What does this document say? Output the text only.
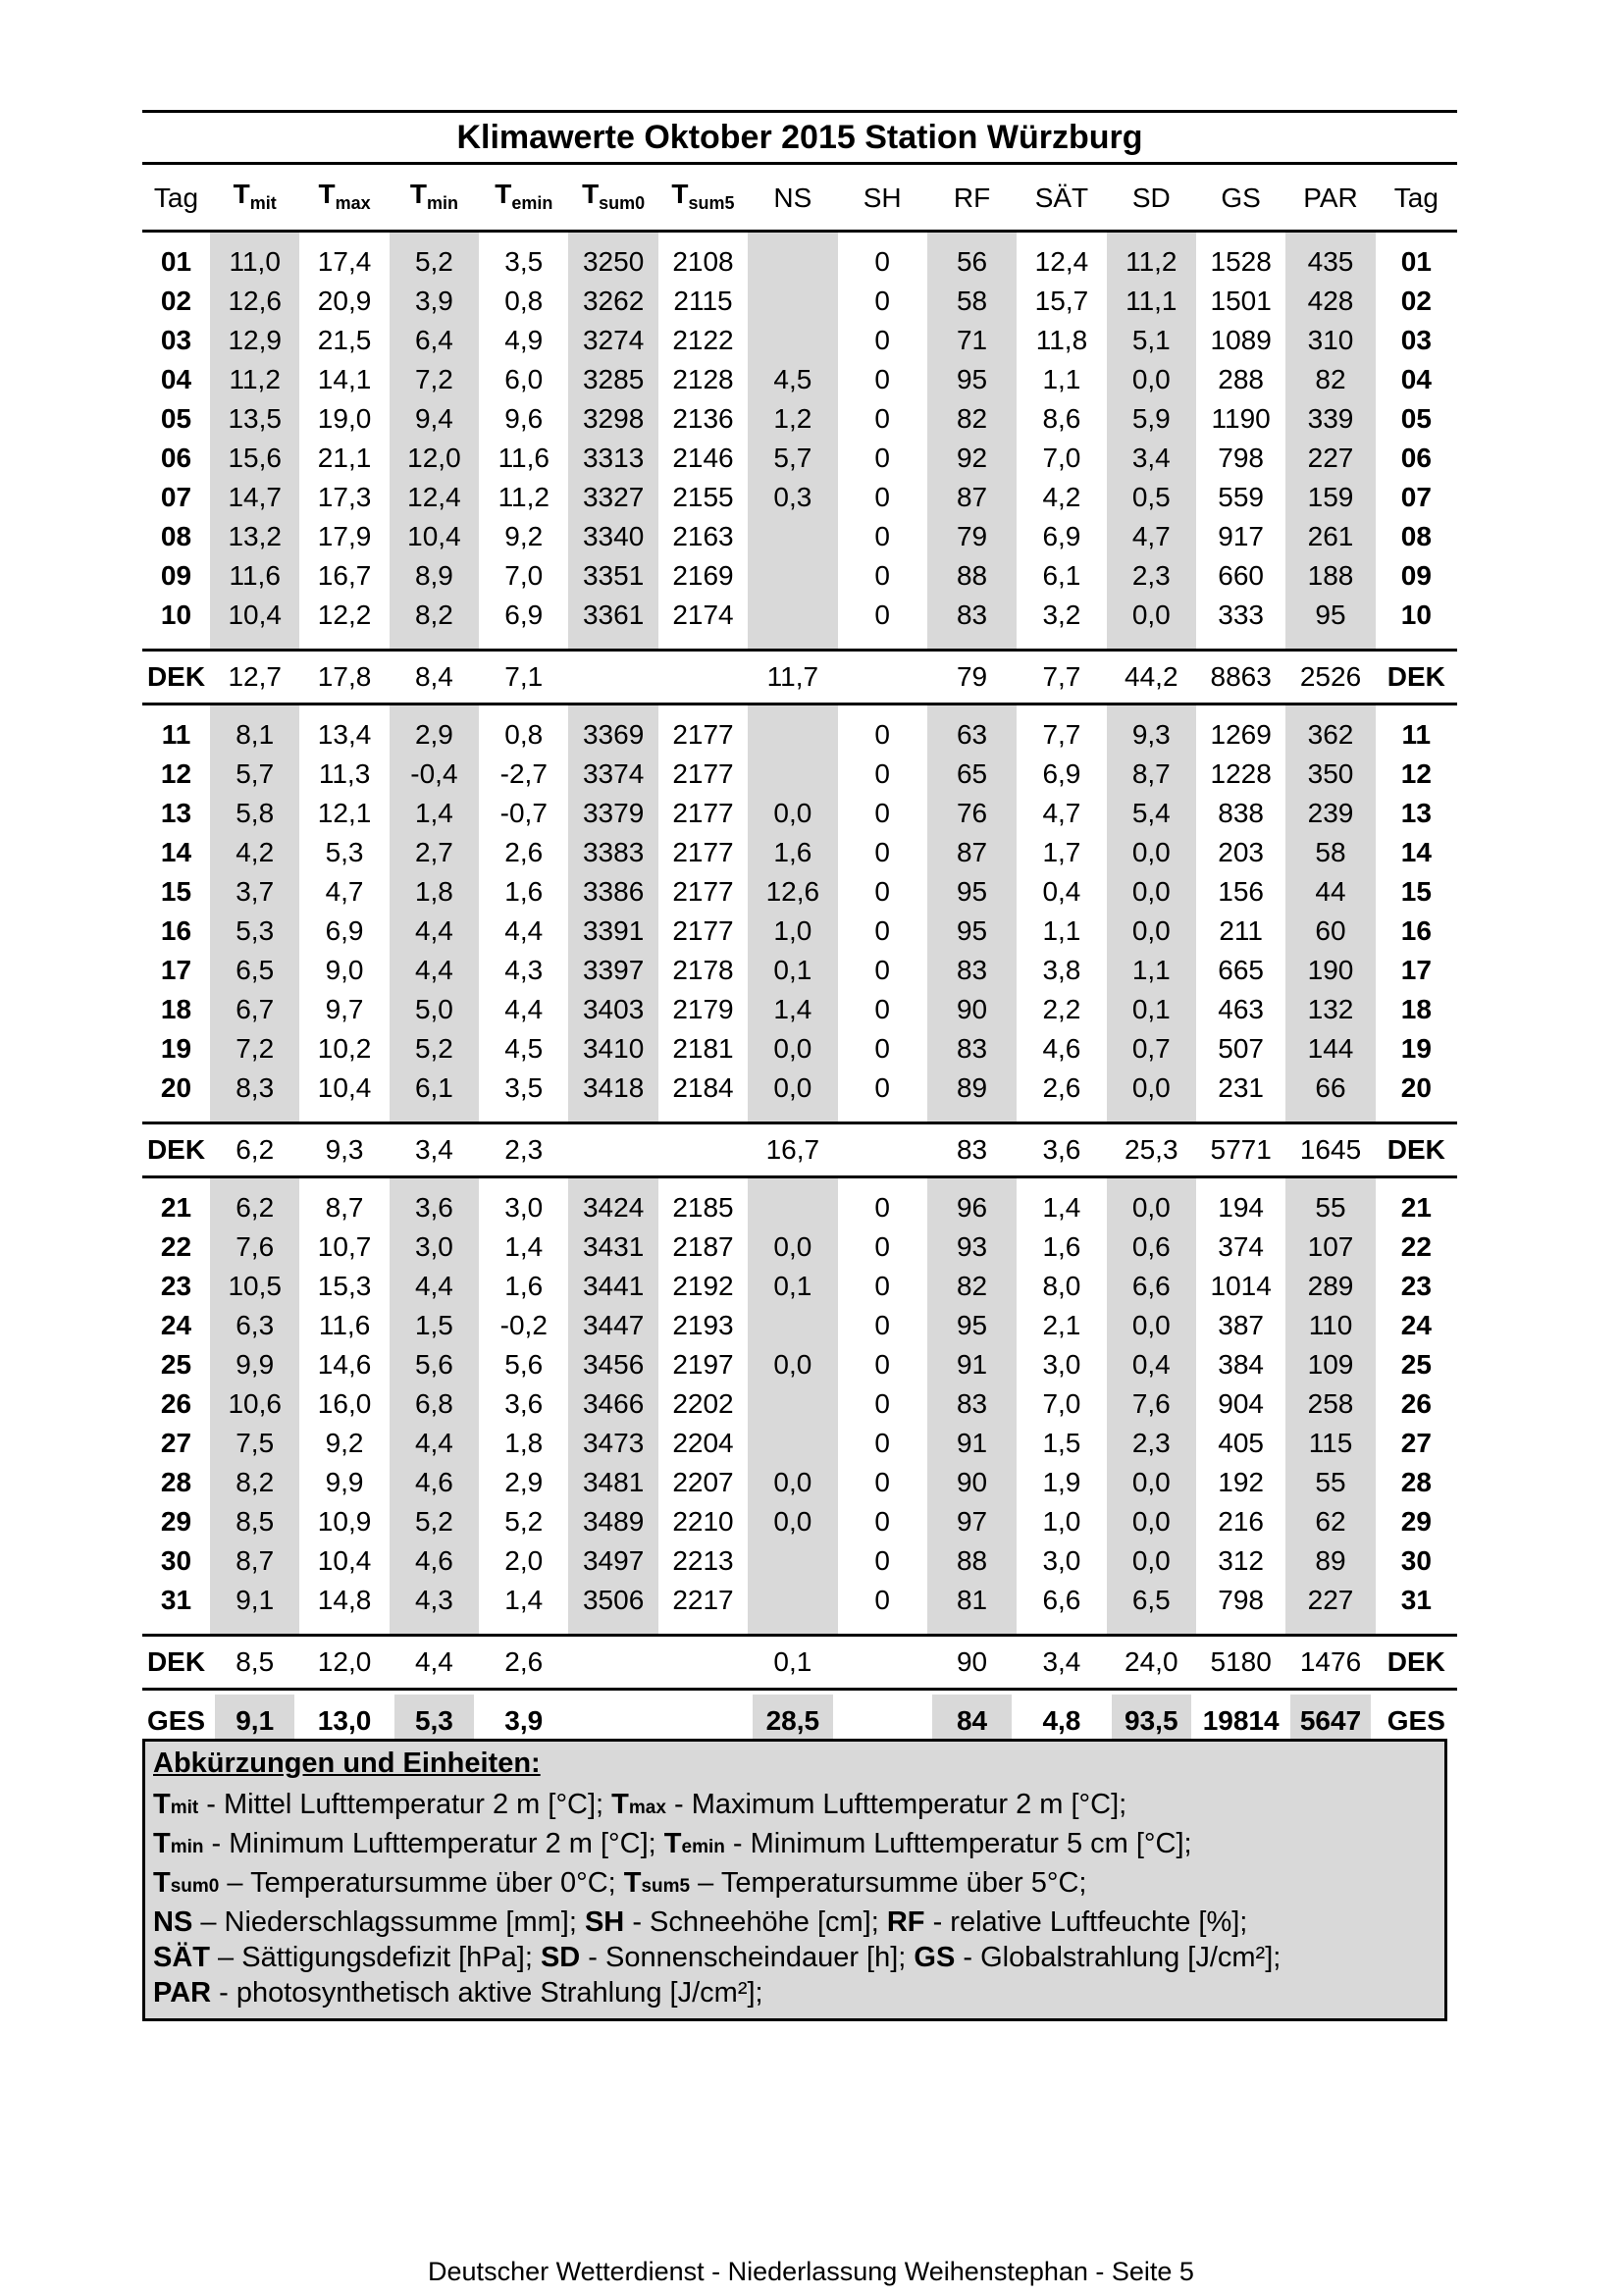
Klimawerte Oktober 2015 Station Würzburg
Tag	$T_{mit}$	$T_{max}$	$T_{min}$	$T_{emin}$	$T_{sum0}$	$T_{sum5}$	NS	SH	RF	SÄT	SD	GS	PAR	Tag
01	11,0	17,4	5,2	3,5	3250	2108		0	56	12,4	11,2	1528	435	01
02	12,6	20,9	3,9	0,8	3262	2115		0	58	15,7	11,1	1501	428	02
03	12,9	21,5	6,4	4,9	3274	2122		0	71	11,8	5,1	1089	310	03
04	11,2	14,1	7,2	6,0	3285	2128	4,5	0	95	1,1	0,0	288	82	04
05	13,5	19,0	9,4	9,6	3298	2136	1,2	0	82	8,6	5,9	1190	339	05
06	15,6	21,1	12,0	11,6	3313	2146	5,7	0	92	7,0	3,4	798	227	06
07	14,7	17,3	12,4	11,2	3327	2155	0,3	0	87	4,2	0,5	559	159	07
08	13,2	17,9	10,4	9,2	3340	2163		0	79	6,9	4,7	917	261	08
09	11,6	16,7	8,9	7,0	3351	2169		0	88	6,1	2,3	660	188	09
10	10,4	12,2	8,2	6,9	3361	2174		0	83	3,2	0,0	333	95	10

DEK	12,7	17,8	8,4	7,1			11,7		79	7,7	44,2	8863	2526	DEK
11	8,1	13,4	2,9	0,8	3369	2177		0	63	7,7	9,3	1269	362	11
12	5,7	11,3	-0,4	-2,7	3374	2177		0	65	6,9	8,7	1228	350	12
13	5,8	12,1	1,4	-0,7	3379	2177	0,0	0	76	4,7	5,4	838	239	13
14	4,2	5,3	2,7	2,6	3383	2177	1,6	0	87	1,7	0,0	203	58	14
15	3,7	4,7	1,8	1,6	3386	2177	12,6	0	95	0,4	0,0	156	44	15
16	5,3	6,9	4,4	4,4	3391	2177	1,0	0	95	1,1	0,0	211	60	16
17	6,5	9,0	4,4	4,3	3397	2178	0,1	0	83	3,8	1,1	665	190	17
18	6,7	9,7	5,0	4,4	3403	2179	1,4	0	90	2,2	0,1	463	132	18
19	7,2	10,2	5,2	4,5	3410	2181	0,0	0	83	4,6	0,7	507	144	19
20	8,3	10,4	6,1	3,5	3418	2184	0,0	0	89	2,6	0,0	231	66	20

DEK	6,2	9,3	3,4	2,3			16,7		83	3,6	25,3	5771	1645	DEK
21	6,2	8,7	3,6	3,0	3424	2185		0	96	1,4	0,0	194	55	21
22	7,6	10,7	3,0	1,4	3431	2187	0,0	0	93	1,6	0,6	374	107	22
23	10,5	15,3	4,4	1,6	3441	2192	0,1	0	82	8,0	6,6	1014	289	23
24	6,3	11,6	1,5	-0,2	3447	2193		0	95	2,1	0,0	387	110	24
25	9,9	14,6	5,6	5,6	3456	2197	0,0	0	91	3,0	0,4	384	109	25
26	10,6	16,0	6,8	3,6	3466	2202		0	83	7,0	7,6	904	258	26
27	7,5	9,2	4,4	1,8	3473	2204		0	91	1,5	2,3	405	115	27
28	8,2	9,9	4,6	2,9	3481	2207	0,0	0	90	1,9	0,0	192	55	28
29	8,5	10,9	5,2	5,2	3489	2210	0,0	0	97	1,0	0,0	216	62	29
30	8,7	10,4	4,6	2,0	3497	2213		0	88	3,0	0,0	312	89	30
31	9,1	14,8	4,3	1,4	3506	2217		0	81	6,6	6,5	798	227	31

DEK	8,5	12,0	4,4	2,6			0,1		90	3,4	24,0	5180	1476	DEK
GES	9,1	13,0	5,3	3,9			28,5		84	4,8	93,5	19814	5647	GES
Abkürzungen und Einheiten:
Tmit - Mittel Lufttemperatur 2 m [°C]; Tmax - Maximum Lufttemperatur 2 m [°C];
Tmin - Minimum Lufttemperatur 2 m [°C]; Temin - Minimum Lufttemperatur 5 cm [°C];
Tsum0 – Temperatursumme über 0°C; Tsum5 – Temperatursumme über 5°C;
NS – Niederschlagssumme [mm]; SH - Schneehöhe [cm]; RF - relative Luftfeuchte [%];
SÄT – Sättigungsdefizit [hPa]; SD - Sonnenscheindauer [h]; GS - Globalstrahlung [J/cm²];
PAR - photosynthetisch aktive Strahlung [J/cm²];
Deutscher Wetterdienst - Niederlassung Weihenstephan - Seite 5
